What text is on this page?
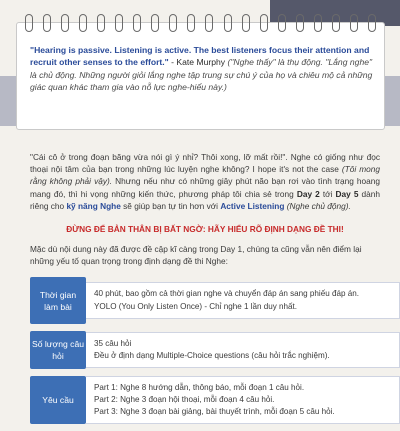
"Hearing is passive. Listening is active. The best listeners focus their attention and recruit other senses to the effort." - Kate Murphy ("Nghe thấy" là thụ động. "Lắng nghe" là chủ động. Những người giỏi lắng nghe tập trung sự chú ý của họ và chiêu mộ cả những giác quan khác tham gia vào nỗ lực nghe-hiểu này.)
"Cái cô ở trong đoạn băng vừa nói gì ý nhỉ? Thôi xong, lỡ mất rồi!". Nghe có giống như đọc thoại nội tâm của bạn trong những lúc luyện nghe không? I hope it's not the case (Tôi mong rằng không phải vậy). Nhưng nếu như có những giây phút não bạn rơi vào tình trạng hoang mang đó, thì hi vọng những kiến thức, phương pháp tôi chia sẻ trong Day 2 tới Day 5 dành riêng cho kỹ năng Nghe sẽ giúp bạn tự tin hơn với Active Listening (Nghe chủ động).
ĐỪNG ĐỂ BẢN THÂN BỊ BẤT NGỜ: HÃY HIỂU RÕ ĐỊNH DẠNG ĐỀ THI!
Mặc dù nội dung này đã được đề cập kĩ càng trong Day 1, chúng ta cũng vẫn nên điểm lại những yếu tố quan trọng trong định dạng đề thi Nghe:
Thời gian làm bài
40 phút, bao gồm cả thời gian nghe và chuyển đáp án sang phiếu đáp án.
YOLO (You Only Listen Once) - Chỉ nghe 1 lần duy nhất.
Số lượng câu hỏi
35 câu hỏi
Đều ở định dạng Multiple-Choice questions (câu hỏi trắc nghiệm).
Yêu cầu
Part 1: Nghe 8 hướng dẫn, thông báo, mỗi đoạn 1 câu hỏi.
Part 2: Nghe 3 đoạn hội thoại, mỗi đoạn 4 câu hỏi.
Part 3: Nghe 3 đoạn bài giảng, bài thuyết trình, mỗi đoạn 5 câu hỏi.
